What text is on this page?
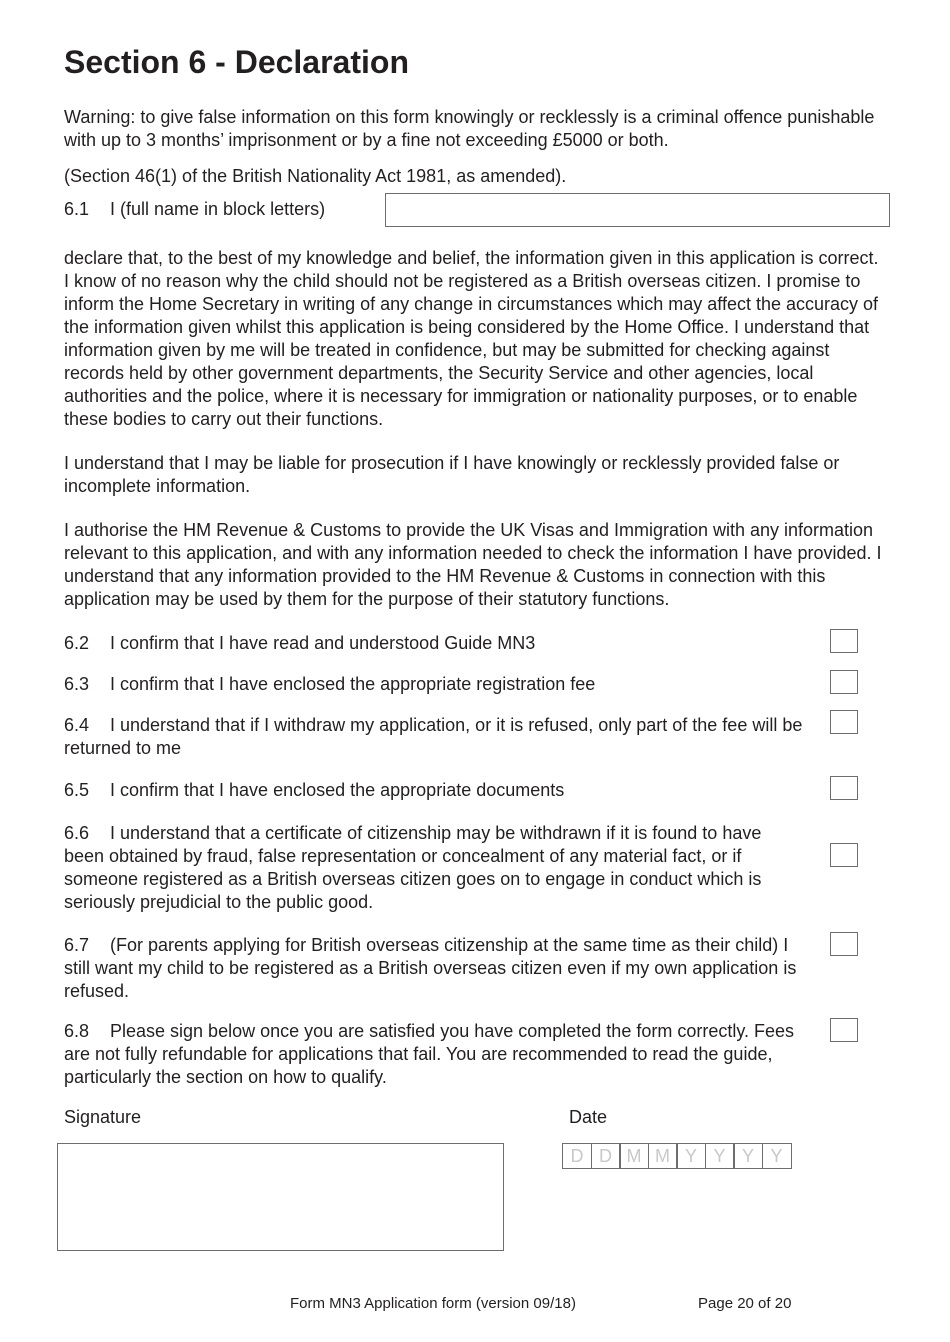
Section 6 - Declaration

Warning: to give false information on this form knowingly or recklessly is a criminal offence punishable with up to 3 months’ imprisonment or by a fine not exceeding £5000 or both.

(Section 46(1) of the British Nationality Act 1981, as amended).

6.1 I (full name in block letters)

declare that, to the best of my knowledge and belief, the information given in this application is correct. I know of no reason why the child should not be registered as a British overseas citizen. I promise to inform the Home Secretary in writing of any change in circumstances which may affect the accuracy of the information given whilst this application is being considered by the Home Office. I understand that information given by me will be treated in confidence, but may be submitted for checking against records held by other government departments, the Security Service and other agencies, local authorities and the police, where it is necessary for immigration or nationality purposes, or to enable these bodies to carry out their functions.

I understand that I may be liable for prosecution if I have knowingly or recklessly provided false or incomplete information.

I authorise the HM Revenue & Customs to provide the UK Visas and Immigration with any information relevant to this application, and with any information needed to check the information I have provided. I understand that any information provided to the HM Revenue & Customs in connection with this application may be used by them for the purpose of their statutory functions.

6.2 I confirm that I have read and understood Guide MN3
6.3 I confirm that I have enclosed the appropriate registration fee
6.4 I understand that if I withdraw my application, or it is refused, only part of the fee will be returned to me
6.5 I confirm that I have enclosed the appropriate documents
6.6 I understand that a certificate of citizenship may be withdrawn if it is found to have been obtained by fraud, false representation or concealment of any material fact, or if someone registered as a British overseas citizen goes on to engage in conduct which is seriously prejudicial to the public good.
6.7 (For parents applying for British overseas citizenship at the same time as their child) I still want my child to be registered as a British overseas citizen even if my own application is refused.
6.8 Please sign below once you are satisfied you have completed the form correctly. Fees are not fully refundable for applications that fail. You are recommended to read the guide, particularly the section on how to qualify.
Signature	Date
D D M M Y Y Y Y
Form MN3 Application form (version 09/18)	Page 20 of 20
